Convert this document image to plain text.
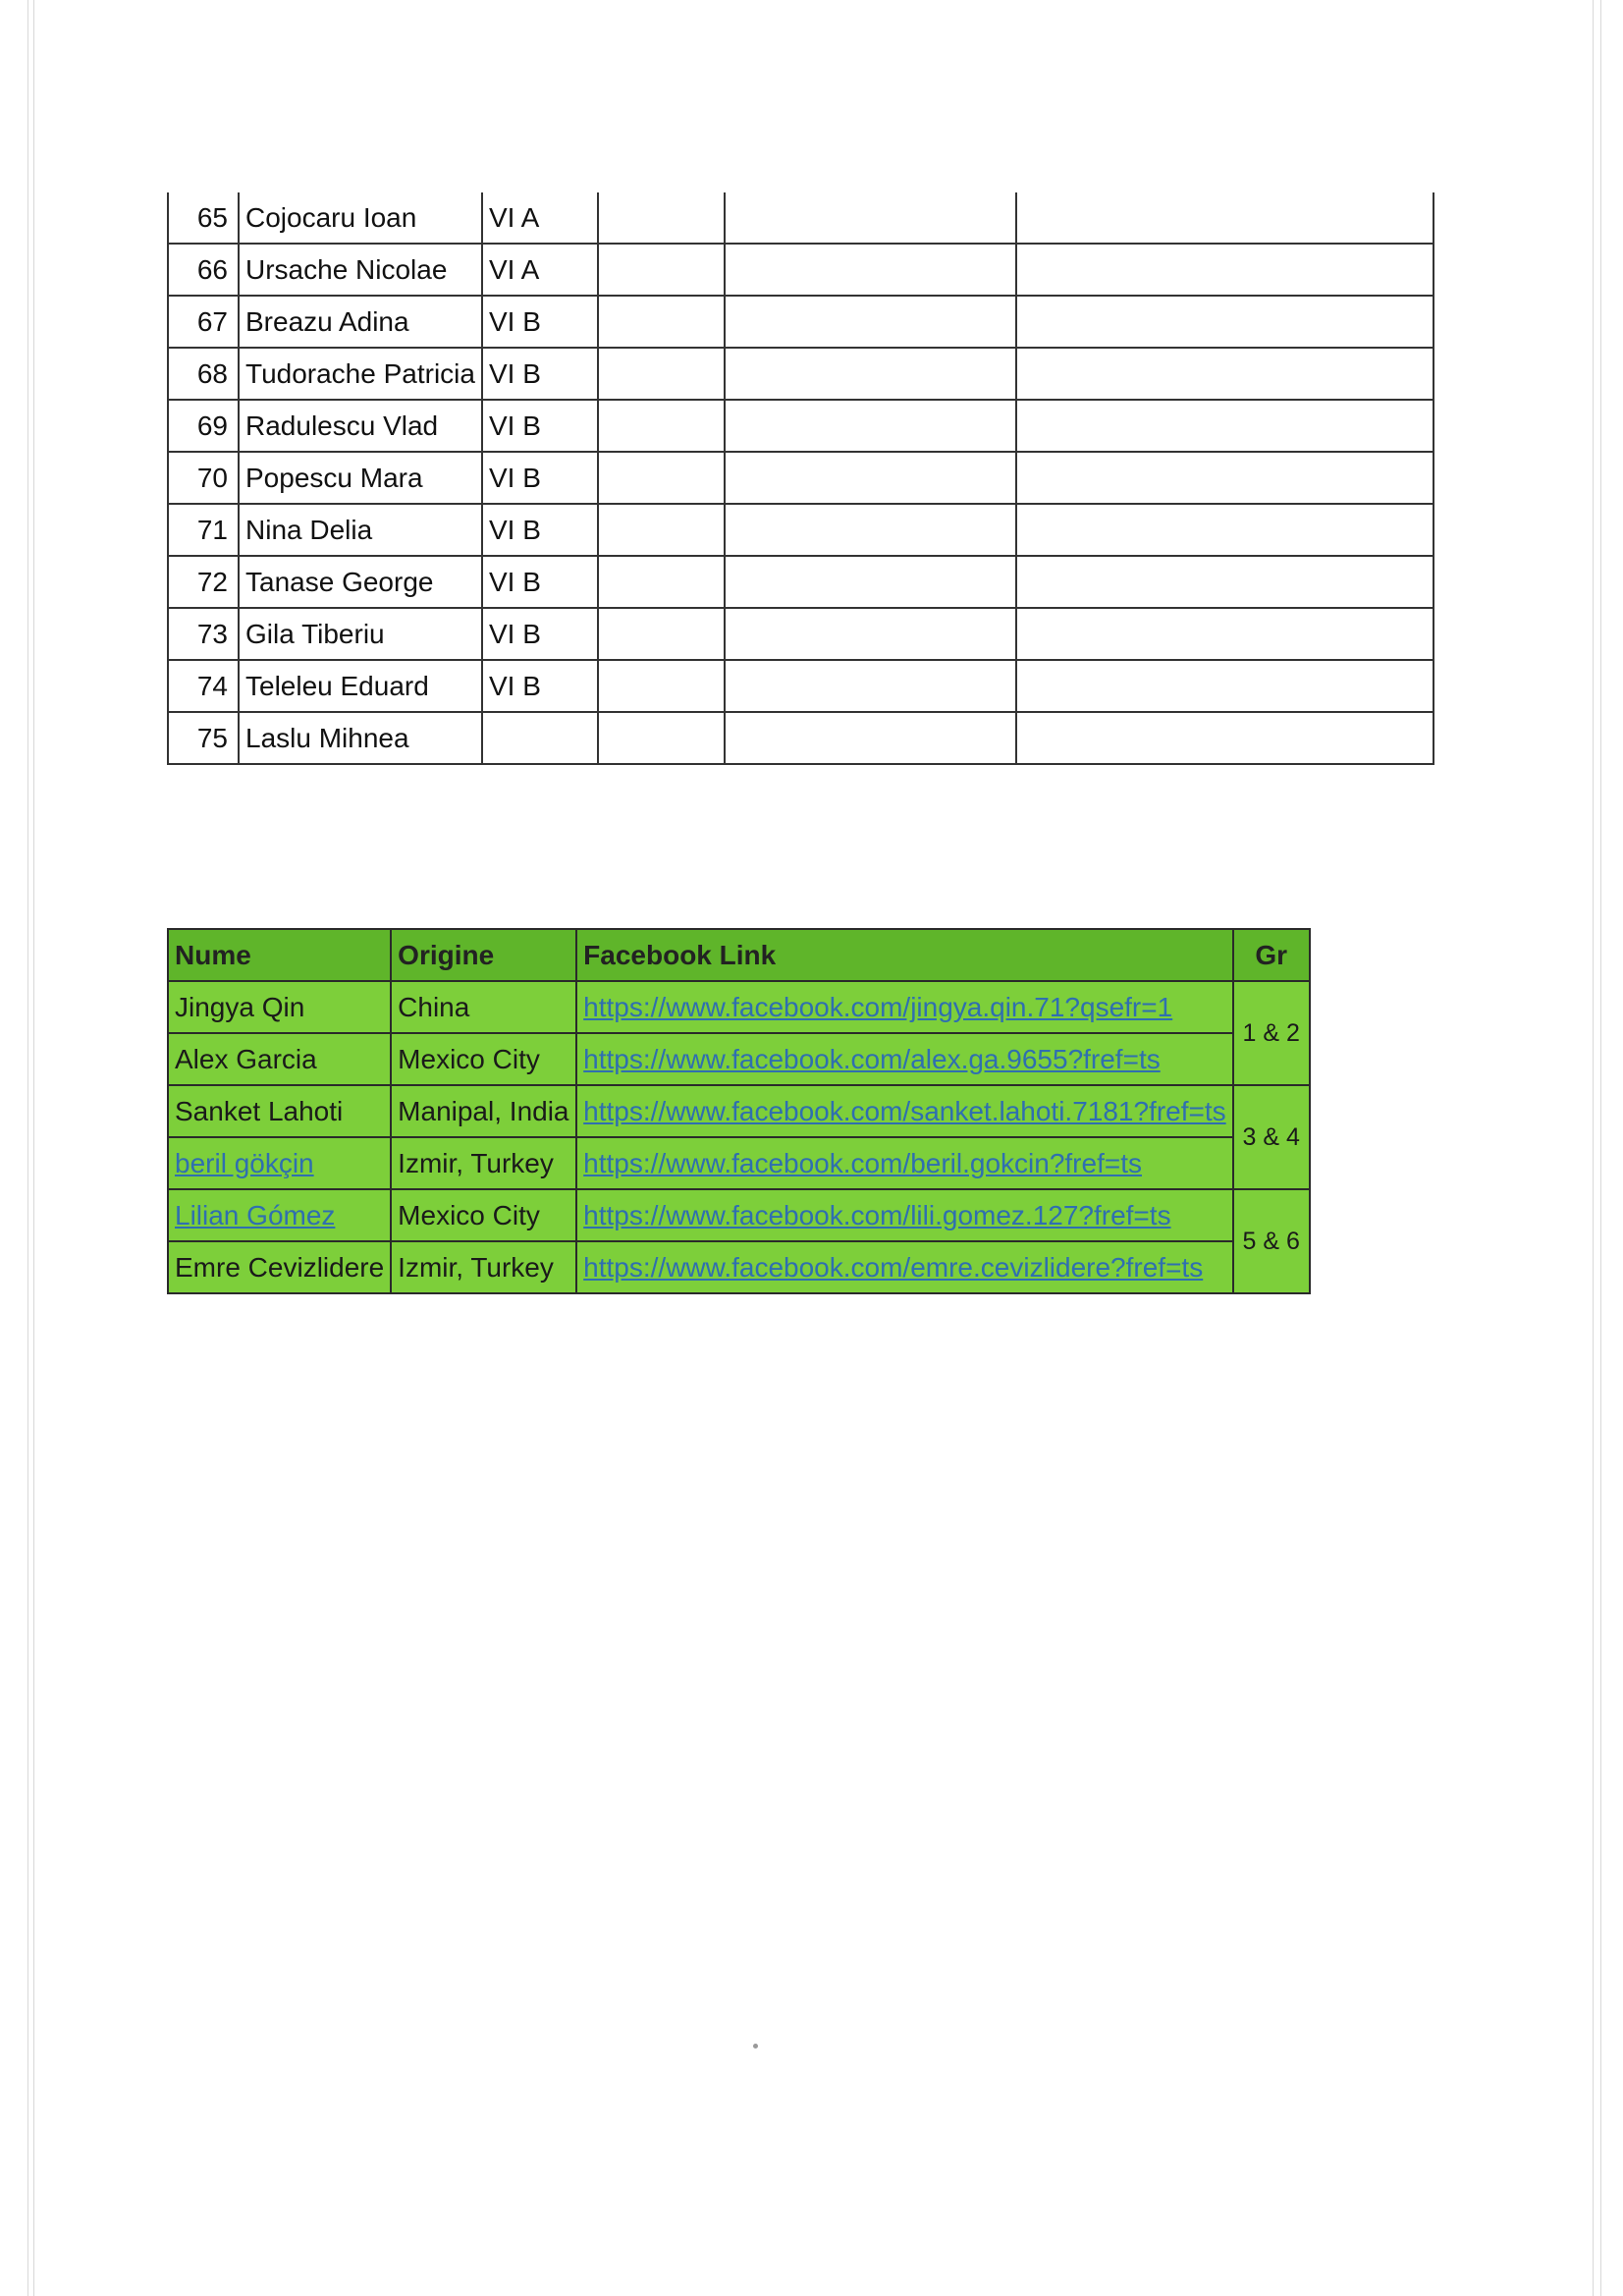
65	Cojocaru Ioan	VI A			
66	Ursache Nicolae	VI A			
67	Breazu Adina	VI B			
68	Tudorache Patricia	VI B			
69	Radulescu Vlad	VI B			
70	Popescu Mara	VI B			
71	Nina Delia	VI B			
72	Tanase George	VI B			
73	Gila Tiberiu	VI B			
74	Teleleu Eduard	VI B			
75	Laslu Mihnea				
Nume	Origine	Facebook Link	Gr
Jingya Qin	China	https://www.facebook.com/jingya.qin.71?qsefr=1	1 & 2
Alex Garcia	Mexico City	https://www.facebook.com/alex.ga.9655?fref=ts	
Sanket Lahoti	Manipal, India	https://www.facebook.com/sanket.lahoti.7181?fref=ts	3 & 4
beril gökçin	Izmir, Turkey	https://www.facebook.com/beril.gokcin?fref=ts	
Lilian Gómez	Mexico City	https://www.facebook.com/lili.gomez.127?fref=ts	5 & 6
Emre Cevizlidere	Izmir, Turkey	https://www.facebook.com/emre.cevizlidere?fref=ts	
